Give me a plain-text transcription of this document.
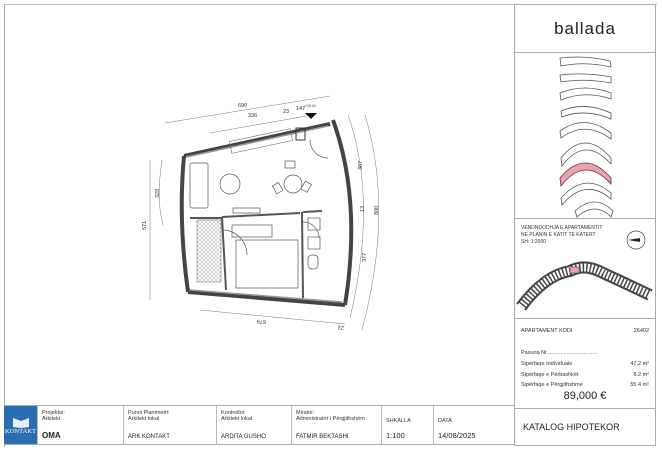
690
336
23 147 +16.00
571
328
387
13
377
800
679
23
ballada
VENDNDODHJA E APARTAMENTIT
NE PLANIN E KATIT TE KATERT
SH: 1:2000
APARTAMENT KODI	26402
Pasuria Nr.................................
Sipërfaqe Individuale	47.2 m²
Sipërfaqe e Përbashkët	8.2 m²
Sipërfaqe e Përgjithshme	55.4 m²
89,000 €
KATALOG HIPOTEKOR
KONTAKT
Projektoi:
Arkitekt
OMA
Punoi Planimetri:
Arkitekt lokal
ARK KONTAKT
Kontrolloi:
Arkitekt lokal
ARDITA GUSHO
Miratoi:
Administrator i Përgjithshëm
FATMIR BEKTASHI
SHKALLA
1:100
DATA
14/08/2025
